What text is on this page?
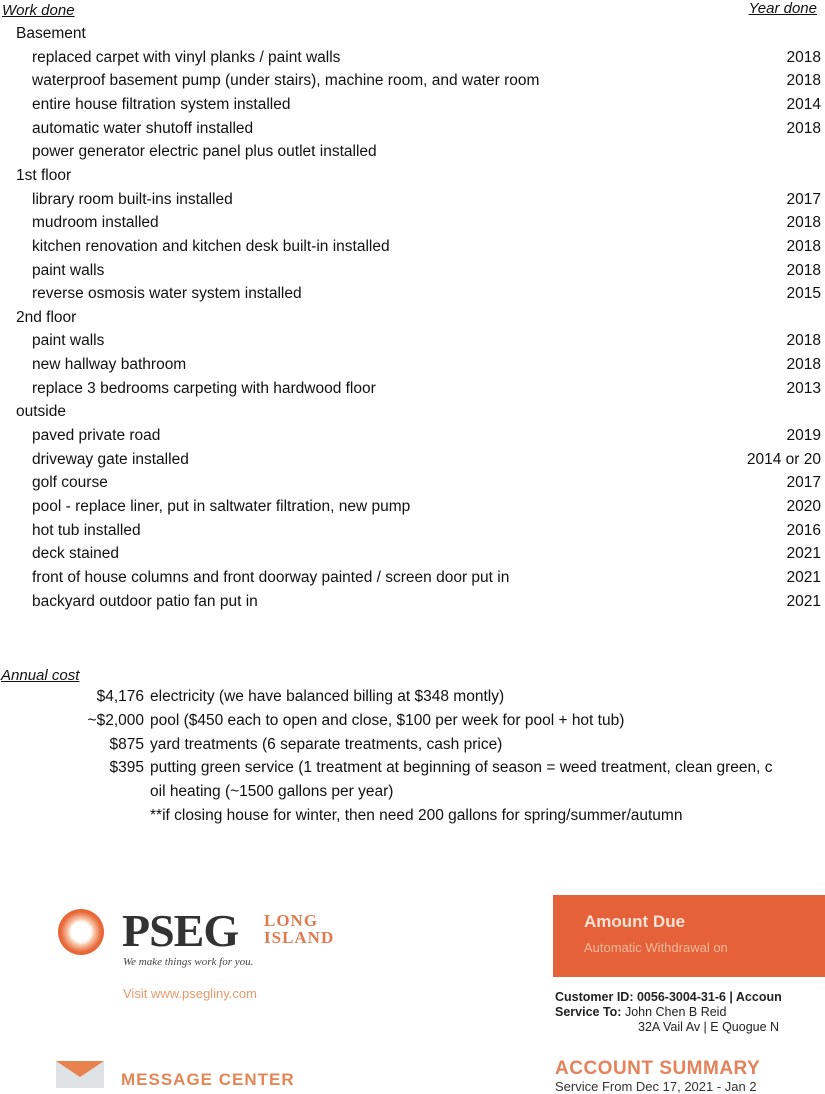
Work done	Year done
Basement
replaced carpet with vinyl planks / paint walls	2018
waterproof basement pump (under stairs), machine room, and water room	2018
entire house filtration system installed	2014
automatic water shutoff installed	2018
power generator electric panel plus outlet installed
1st floor
library room built-ins installed	2017
mudroom installed	2018
kitchen renovation and kitchen desk built-in installed	2018
paint walls	2018
reverse osmosis water system installed	2015
2nd floor
paint walls	2018
new hallway bathroom	2018
replace 3 bedrooms carpeting with hardwood floor	2013
outside
paved private road	2019
driveway gate installed	2014 or 20
golf course	2017
pool - replace liner, put in saltwater filtration, new pump	2020
hot tub installed	2016
deck stained	2021
front of house columns and front doorway painted / screen door put in	2021
backyard outdoor patio fan put in	2021
Annual cost
$4,176 electricity (we have balanced billing at $348 montly)
~$2,000 pool ($450 each to open and close, $100 per week for pool + hot tub)
$875 yard treatments (6 separate treatments, cash price)
$395 putting green service (1 treatment at beginning of season = weed treatment, clean green, c
oil heating (~1500 gallons per year)
**if closing house for winter, then need 200 gallons for spring/summer/autumn
PSEG LONG
ISLAND
We make things work for you.
Visit www.psegliny.com
Amount Due
Automatic Withdrawal on
Customer ID: 0056-3004-31-6 | Accoun
Service To: John Chen B Reid
32A Vail Av | E Quogue N
MESSAGE CENTER
ACCOUNT SUMMARY
Service From Dec 17, 2021 - Jan 2
